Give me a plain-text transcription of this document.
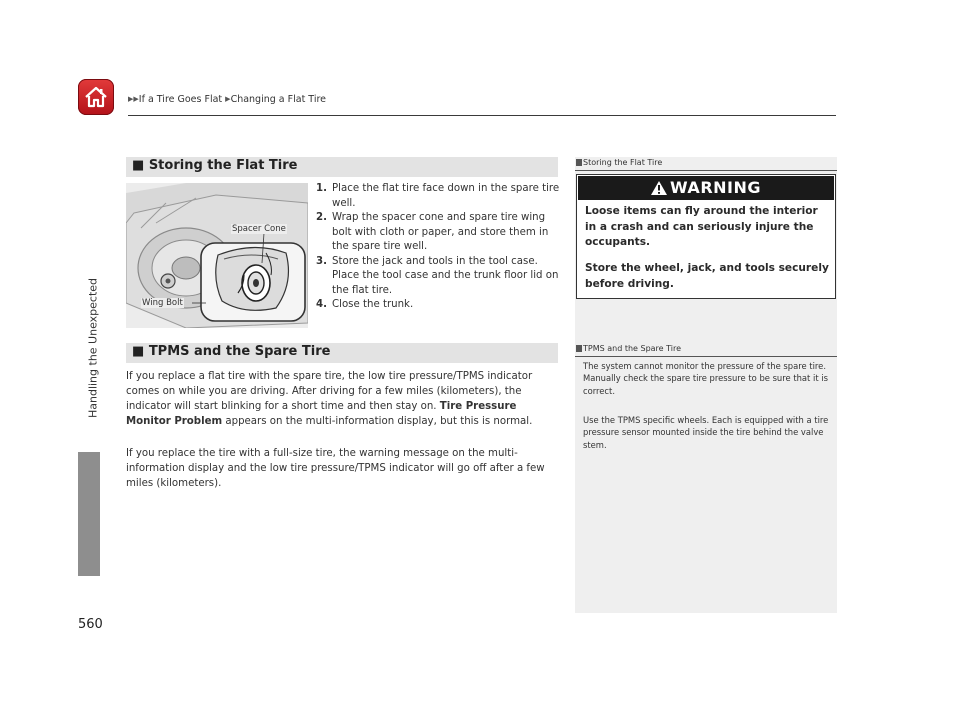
▶▶If a Tire Goes Flat ▶Changing a Flat Tire
Handling the Unexpected
560
■ Storing the Flat Tire
Spacer Cone
Wing Bolt
1. Place the flat tire face down in the spare tire well.
2. Wrap the spacer cone and spare tire wing bolt with cloth or paper, and store them in the spare tire well.
3. Store the jack and tools in the tool case. Place the tool case and the trunk floor lid on the flat tire.
4. Close the trunk.
■ TPMS and the Spare Tire
If you replace a flat tire with the spare tire, the low tire pressure/TPMS indicator comes on while you are driving. After driving for a few miles (kilometers), the indicator will start blinking for a short time and then stay on. Tire Pressure Monitor Problem appears on the multi-information display, but this is normal.
If you replace the tire with a full-size tire, the warning message on the multi-information display and the low tire pressure/TPMS indicator will go off after a few miles (kilometers).
Storing the Flat Tire
WARNING
Loose items can fly around the interior in a crash and can seriously injure the occupants.
Store the wheel, jack, and tools securely before driving.
TPMS and the Spare Tire
The system cannot monitor the pressure of the spare tire. Manually check the spare tire pressure to be sure that it is correct.
Use the TPMS specific wheels. Each is equipped with a tire pressure sensor mounted inside the tire behind the valve stem.
